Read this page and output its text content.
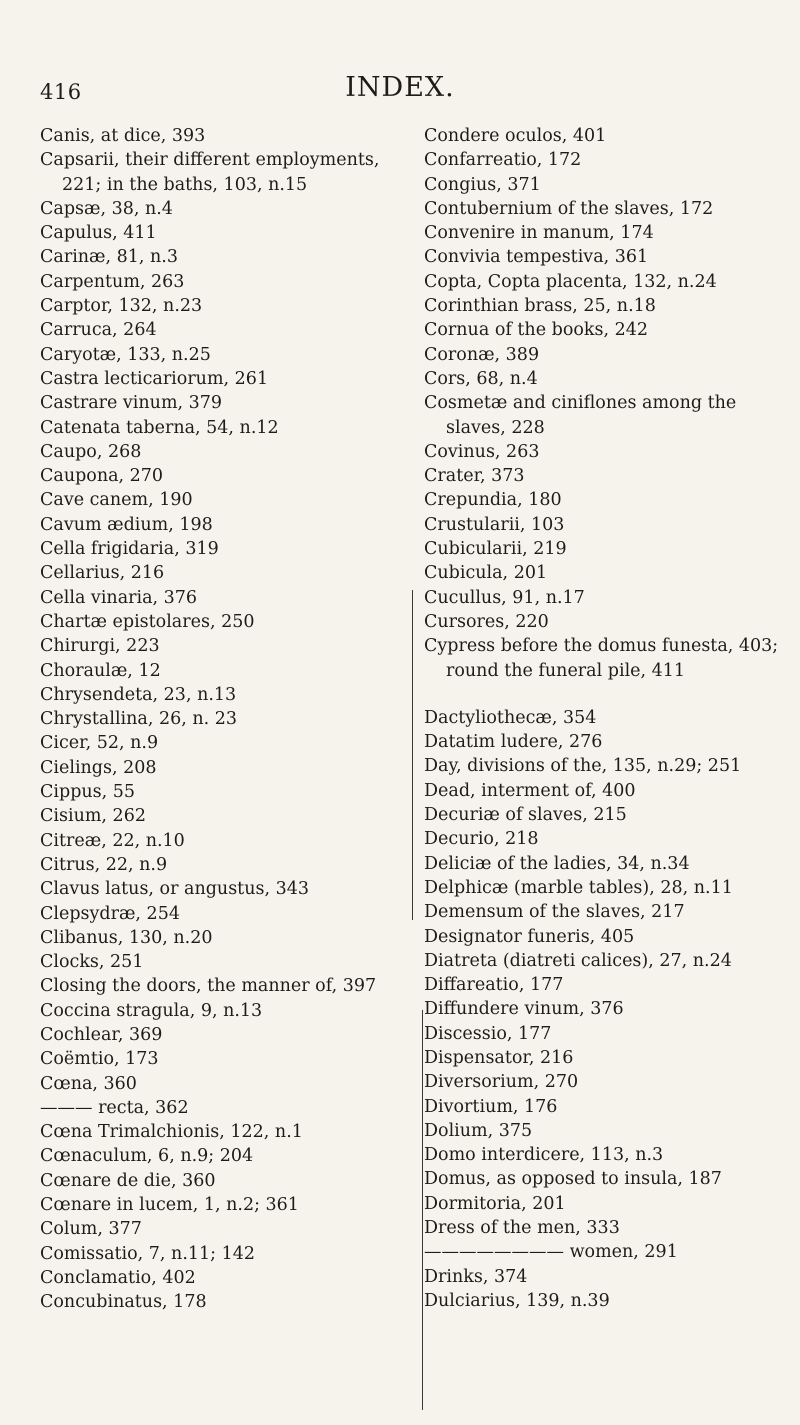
416	INDEX.
Canis, at dice, 393
Capsarii, their different employments, 221; in the baths, 103, n.15
Capsæ, 38, n.4
Capulus, 411
Carinæ, 81, n.3
Carpentum, 263
Carptor, 132, n.23
Carruca, 264
Caryotæ, 133, n.25
Castra lecticariorum, 261
Castrare vinum, 379
Catenata taberna, 54, n.12
Caupo, 268
Caupona, 270
Cave canem, 190
Cavum ædium, 198
Cella frigidaria, 319
Cellarius, 216
Cella vinaria, 376
Chartæ epistolares, 250
Chirurgi, 223
Choraulæ, 12
Chrysendeta, 23, n.13
Chrystallina, 26, n. 23
Cicer, 52, n.9
Cielings, 208
Cippus, 55
Cisium, 262
Citreæ, 22, n.10
Citrus, 22, n.9
Clavus latus, or angustus, 343
Clepsydræ, 254
Clibanus, 130, n.20
Clocks, 251
Closing the doors, the manner of, 397
Coccina stragula, 9, n.13
Cochlear, 369
Coëmtio, 173
Cœna, 360
——— recta, 362
Cœna Trimalchionis, 122, n.1
Cœnaculum, 6, n.9; 204
Cœnare de die, 360
Cœnare in lucem, 1, n.2; 361
Colum, 377
Comissatio, 7, n.11; 142
Conclamatio, 402
Concubinatus, 178
Condere oculos, 401
Confarreatio, 172
Congius, 371
Contubernium of the slaves, 172
Convenire in manum, 174
Convivia tempestiva, 361
Copta, Copta placenta, 132, n.24
Corinthian brass, 25, n.18
Cornua of the books, 242
Coronæ, 389
Cors, 68, n.4
Cosmetæ and ciniflones among the slaves, 228
Covinus, 263
Crater, 373
Crepundia, 180
Crustularii, 103
Cubicularii, 219
Cubicula, 201
Cucullus, 91, n.17
Cursores, 220
Cypress before the domus funesta, 403; round the funeral pile, 411
Dactyliothecæ, 354
Datatim ludere, 276
Day, divisions of the, 135, n.29; 251
Dead, interment of, 400
Decuriæ of slaves, 215
Decurio, 218
Deliciæ of the ladies, 34, n.34
Delphicæ (marble tables), 28, n.11
Demensum of the slaves, 217
Designator funeris, 405
Diatreta (diatreti calices), 27, n.24
Diffareatio, 177
Diffundere vinum, 376
Discessio, 177
Dispensator, 216
Diversorium, 270
Divortium, 176
Dolium, 375
Domo interdicere, 113, n.3
Domus, as opposed to insula, 187
Dormitoria, 201
Dress of the men, 333
———————— women, 291
Drinks, 374
Dulciarius, 139, n.39
